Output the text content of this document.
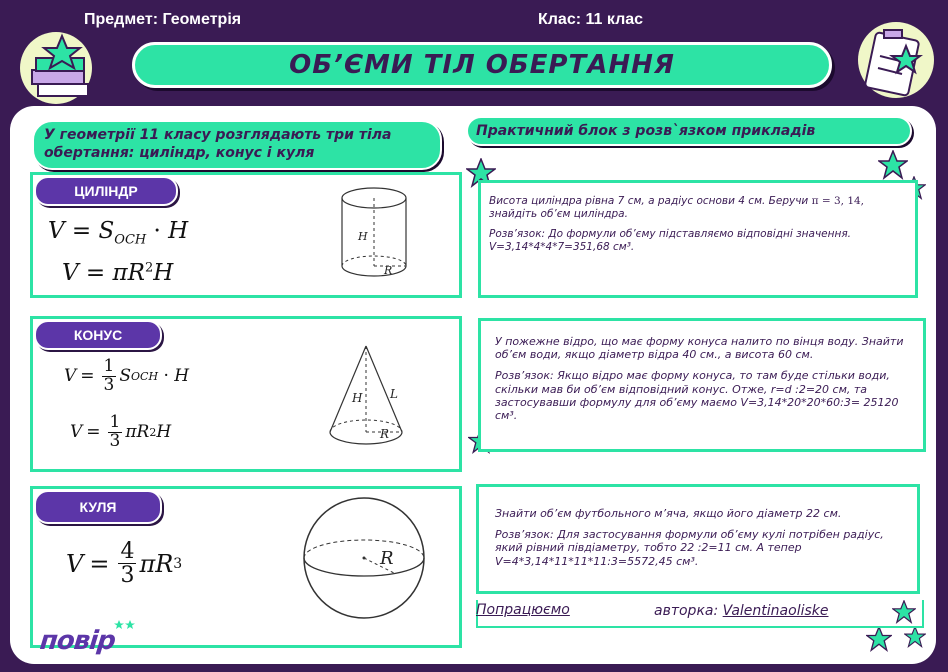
Предмет: Геометрія	Клас: 11 клас
ОБ’ЄМИ ТІЛ ОБЕРТАННЯ
У геометрії 11 класу розглядають три тіла обертання: циліндр, конус і куля
Практичний блок з розв`язком прикладів
ЦИЛІНДР
$V = S_{OCH} \cdot H$
$V = \pi R^2H$
H
R
КОНУС
$V = \frac{1}{3}$ S OCH
· H
$V = \frac{1}{3}$ πR 2 H
H L
R
КУЛЯ
$V = \frac{4}{3}$ πR 3	R

Висота циліндра рівна 7 см, а радіус основи 4 см. Беручи π = 3, 14, знайдіть об’єм циліндра.

Розв’язок: До формули об’єму підставляємо відповідні значення. V=3,14*4*4*7=351,68 см³.

У пожежне відро, що має форму конуса налито по вінця воду. Знайти об’єм води, якщо діаметр відра 40 см., а висота 60 см.

Розв’язок: Якщо відро має форму конуса, то там буде стільки води, скільки мав би об’єм відповідний конус. Отже, r=d :2=20 см, та застосувавши формулу для об’єму маємо V=3,14*20*20*60:3= 25120 см³.

Знайти об’єм футбольного м’яча, якщо його діаметр 22 см.

Розв’язок: Для застосування формули об’єму кулі потрібен радіус, який рівний півдіаметру, тобто 22 :2=11 см. А тепер V=4*3,14*11*11*11:3=5572,45 см³.

Попрацюємо	авторка: Valentinaoliske
повір
